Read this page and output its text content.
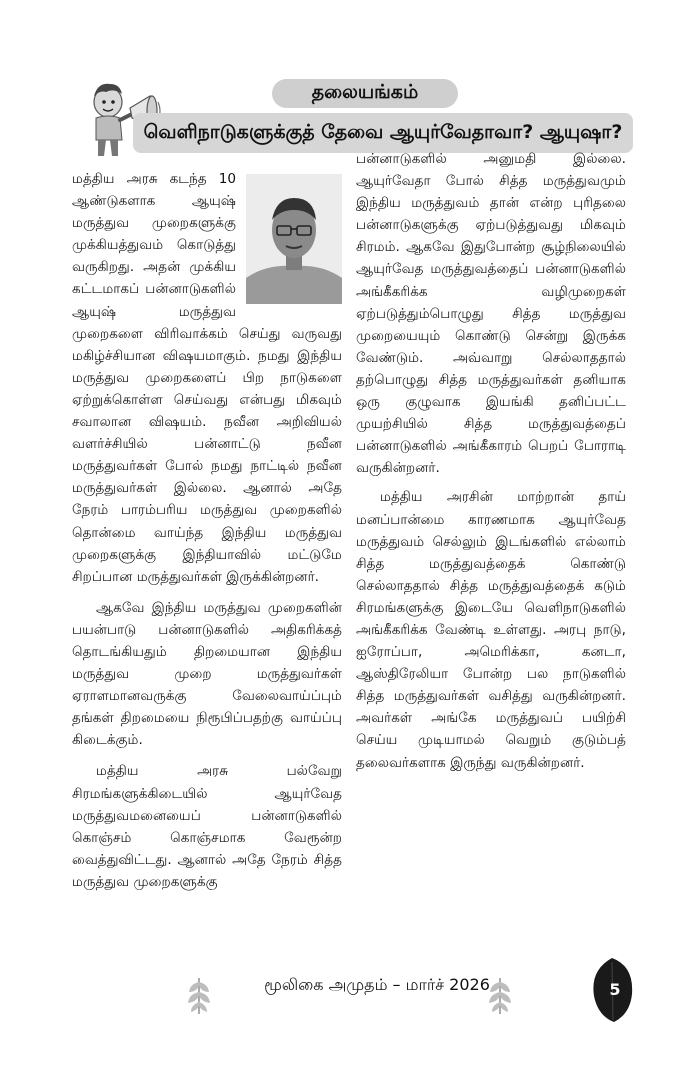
தலையங்கம்
வெளிநாடுகளுக்குத் தேவை ஆயுர்வேதாவா? ஆயுஷா?

மத்திய அரசு கடந்த 10 ஆண்டுகளாக ஆயுஷ் மருத்துவ முறைகளுக்கு முக்கியத்துவம் கொடுத்து வருகிறது. அதன் முக்கிய கட்டமாகப் பன்னாடுகளில் ஆயுஷ் மருத்துவ முறைகளை விரிவாக்கம் செய்து வருவது மகிழ்ச்சியான விஷயமாகும். நமது இந்திய மருத்துவ முறைகளைப் பிற நாடுகளை ஏற்றுக்கொள்ள செய்வது என்பது மிகவும் சவாலான விஷயம். நவீன அறிவியல் வளர்ச்சியில் பன்னாட்டு நவீன மருத்துவர்கள் போல் நமது நாட்டில் நவீன மருத்துவர்கள் இல்லை. ஆனால் அதே நேரம் பாரம்பரிய மருத்துவ முறைகளில் தொன்மை வாய்ந்த இந்திய மருத்துவ முறைகளுக்கு இந்தியாவில் மட்டுமே சிறப்பான மருத்துவர்கள் இருக்கின்றனர்.

ஆகவே இந்திய மருத்துவ முறைகளின் பயன்பாடு பன்னாடுகளில் அதிகரிக்கத் தொடங்கியதும் திறமையான இந்திய மருத்துவ முறை மருத்துவர்கள் ஏராளமானவருக்கு வேலைவாய்ப்பும் தங்கள் திறமையை நிரூபிப்பதற்கு வாய்ப்பு கிடைக்கும்.

மத்திய அரசு பல்வேறு சிரமங்களுக்கிடையில் ஆயுர்வேத மருத்துவமனையைப் பன்னாடுகளில் கொஞ்சம் கொஞ்சமாக வேரூன்ற வைத்துவிட்டது. ஆனால் அதே நேரம் சித்த மருத்துவ முறைகளுக்கு

பன்னாடுகளில் அனுமதி இல்லை. ஆயுர்வேதா போல் சித்த மருத்துவமும் இந்திய மருத்துவம் தான் என்ற புரிதலை பன்னாடுகளுக்கு ஏற்படுத்துவது மிகவும் சிரமம். ஆகவே இதுபோன்ற சூழ்நிலையில் ஆயுர்வேத மருத்துவத்தைப் பன்னாடுகளில் அங்கீகரிக்க வழிமுறைகள் ஏற்படுத்தும்பொழுது சித்த மருத்துவ முறையையும் கொண்டு சென்று இருக்க வேண்டும். அவ்வாறு செல்லாததால் தற்பொழுது சித்த மருத்துவர்கள் தனியாக ஒரு குழுவாக இயங்கி தனிப்பட்ட முயற்சியில் சித்த மருத்துவத்தைப் பன்னாடுகளில் அங்கீகாரம் பெறப் போராடி வருகின்றனர்.

மத்திய அரசின் மாற்றான் தாய் மனப்பான்மை காரணமாக ஆயுர்வேத மருத்துவம் செல்லும் இடங்களில் எல்லாம் சித்த மருத்துவத்தைக் கொண்டு செல்லாததால் சித்த மருத்துவத்தைக் கடும் சிரமங்களுக்கு இடையே வெளிநாடுகளில் அங்கீகரிக்க வேண்டி உள்ளது. அரபு நாடு, ஐரோப்பா, அமெரிக்கா, கனடா, ஆஸ்திரேலியா போன்ற பல நாடுகளில் சித்த மருத்துவர்கள் வசித்து வருகின்றனர். அவர்கள் அங்கே மருத்துவப் பயிற்சி செய்ய முடியாமல் வெறும் குடும்பத் தலைவர்களாக இருந்து வருகின்றனர்.

மூலிகை அமுதம் – மார்ச் 2026	5
